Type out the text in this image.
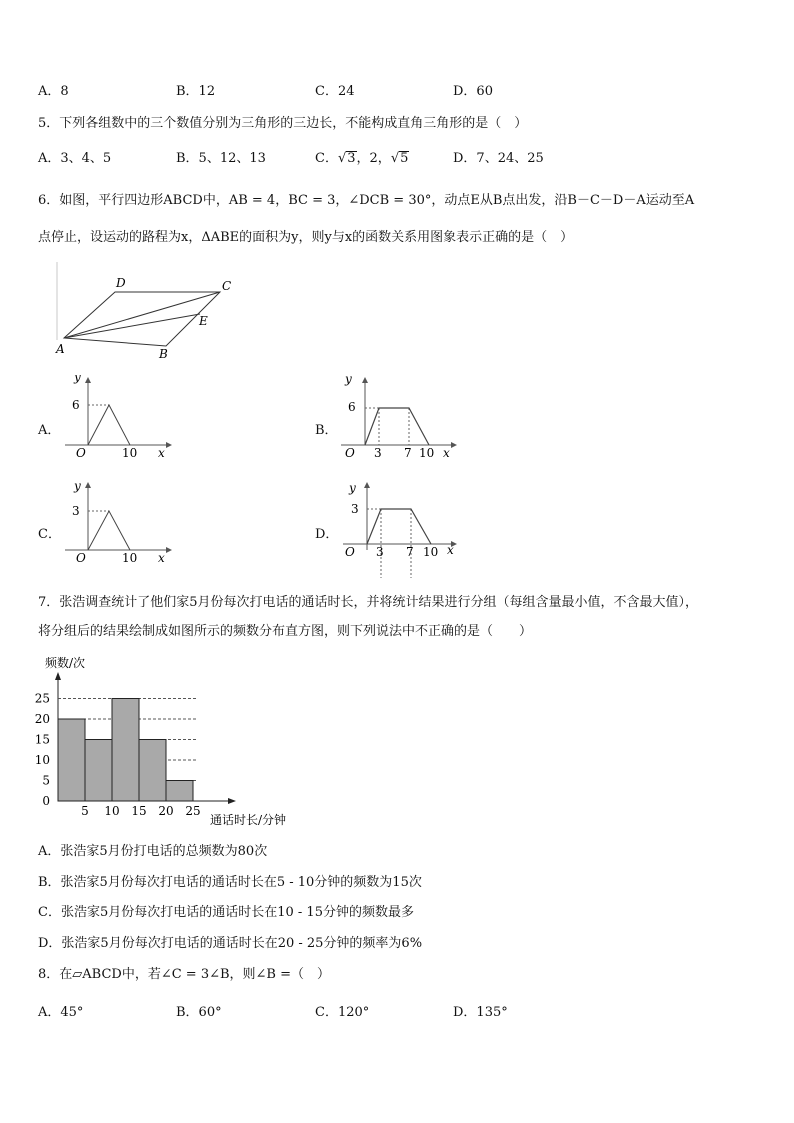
A．8	B．12	C．24	D．60
5．下列各组数中的三个数值分别为三角形的三边长，不能构成直角三角形的是（　）
A．3、4、5	B．5、12、13	C．√3，2，√5	D．7、24、25
6．如图，平行四边形ABCD中，AB = 4，BC = 3，∠DCB = 30°，动点E从B点出发，沿B－C－D－A运动至A
点停止，设运动的路程为x，ΔABE的面积为y，则y与x的函数关系用图象表示正确的是（　）
A	B
C
D
E
A．
y
6
O	10 x
B．
y
6
O 3 7 10 x
C．
y
3
O	10 x
D．
y
3
O 3 7 10 x
7．张浩调查统计了他们家5月份每次打电话的通话时长，并将统计结果进行分组（每组含量最小值，不含最大值），
将分组后的结果绘制成如图所示的频数分布直方图，则下列说法中不正确的是（　　）
频数/次
通话时长/分钟
0
5
10
15
20
25
5 10 15 20 25
A．张浩家5月份打电话的总频数为80次
B．张浩家5月份每次打电话的通话时长在5 - 10分钟的频数为15次
C．张浩家5月份每次打电话的通话时长在10 - 15分钟的频数最多
D．张浩家5月份每次打电话的通话时长在20 - 25分钟的频率为6%
8．在▱ABCD中，若∠C = 3∠B，则∠B =（　）
A．45°	B．60°	C．120°	D．135°
